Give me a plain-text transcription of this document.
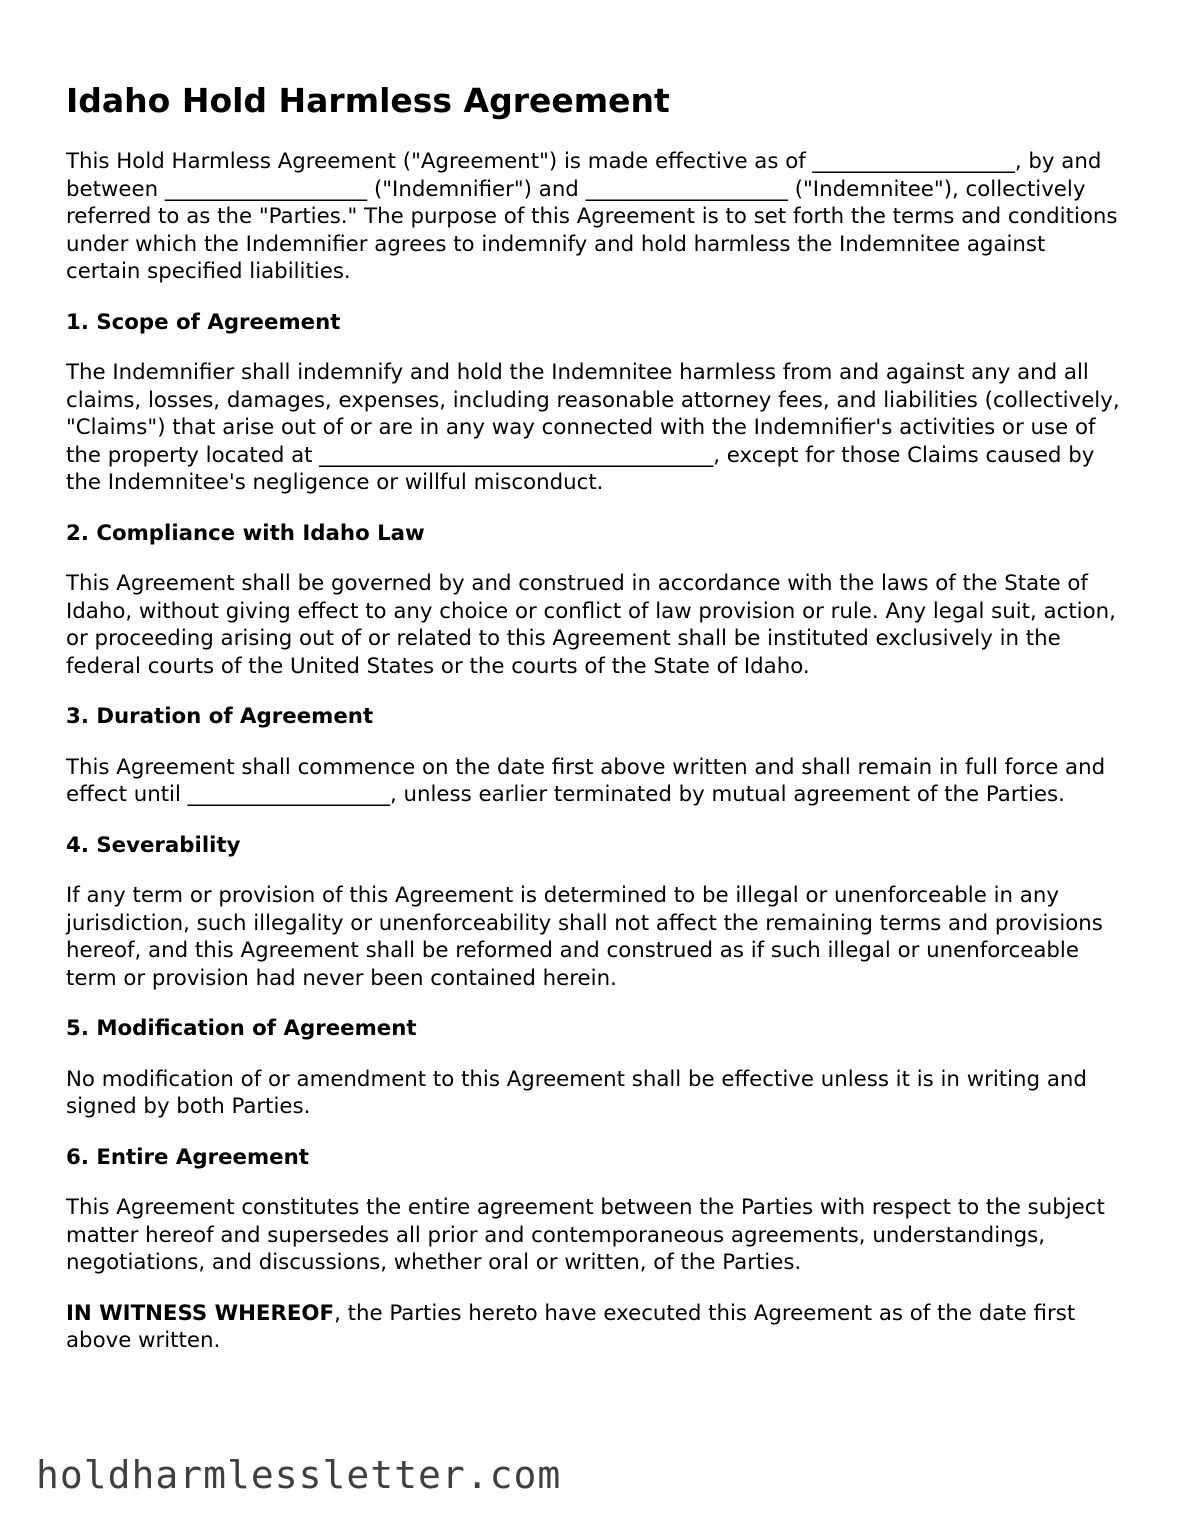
Idaho Hold Harmless Agreement

This Hold Harmless Agreement ("Agreement") is made effective as of ___________________, by and between ___________________ ("Indemnifier") and ___________________ ("Indemnitee"), collectively referred to as the "Parties." The purpose of this Agreement is to set forth the terms and conditions under which the Indemnifier agrees to indemnify and hold harmless the Indemnitee against certain specified liabilities.

1. Scope of Agreement

The Indemnifier shall indemnify and hold the Indemnitee harmless from and against any and all claims, losses, damages, expenses, including reasonable attorney fees, and liabilities (collectively, "Claims") that arise out of or are in any way connected with the Indemnifier's activities or use of the property located at _____________________________________, except for those Claims caused by the Indemnitee's negligence or willful misconduct.

2. Compliance with Idaho Law

This Agreement shall be governed by and construed in accordance with the laws of the State of Idaho, without giving effect to any choice or conflict of law provision or rule. Any legal suit, action, or proceeding arising out of or related to this Agreement shall be instituted exclusively in the federal courts of the United States or the courts of the State of Idaho.

3. Duration of Agreement

This Agreement shall commence on the date first above written and shall remain in full force and effect until ___________________, unless earlier terminated by mutual agreement of the Parties.

4. Severability

If any term or provision of this Agreement is determined to be illegal or unenforceable in any jurisdiction, such illegality or unenforceability shall not affect the remaining terms and provisions hereof, and this Agreement shall be reformed and construed as if such illegal or unenforceable term or provision had never been contained herein.

5. Modification of Agreement

No modification of or amendment to this Agreement shall be effective unless it is in writing and signed by both Parties.

6. Entire Agreement

This Agreement constitutes the entire agreement between the Parties with respect to the subject matter hereof and supersedes all prior and contemporaneous agreements, understandings, negotiations, and discussions, whether oral or written, of the Parties.

IN WITNESS WHEREOF, the Parties hereto have executed this Agreement as of the date first above written.

holdharmlessletter.com
